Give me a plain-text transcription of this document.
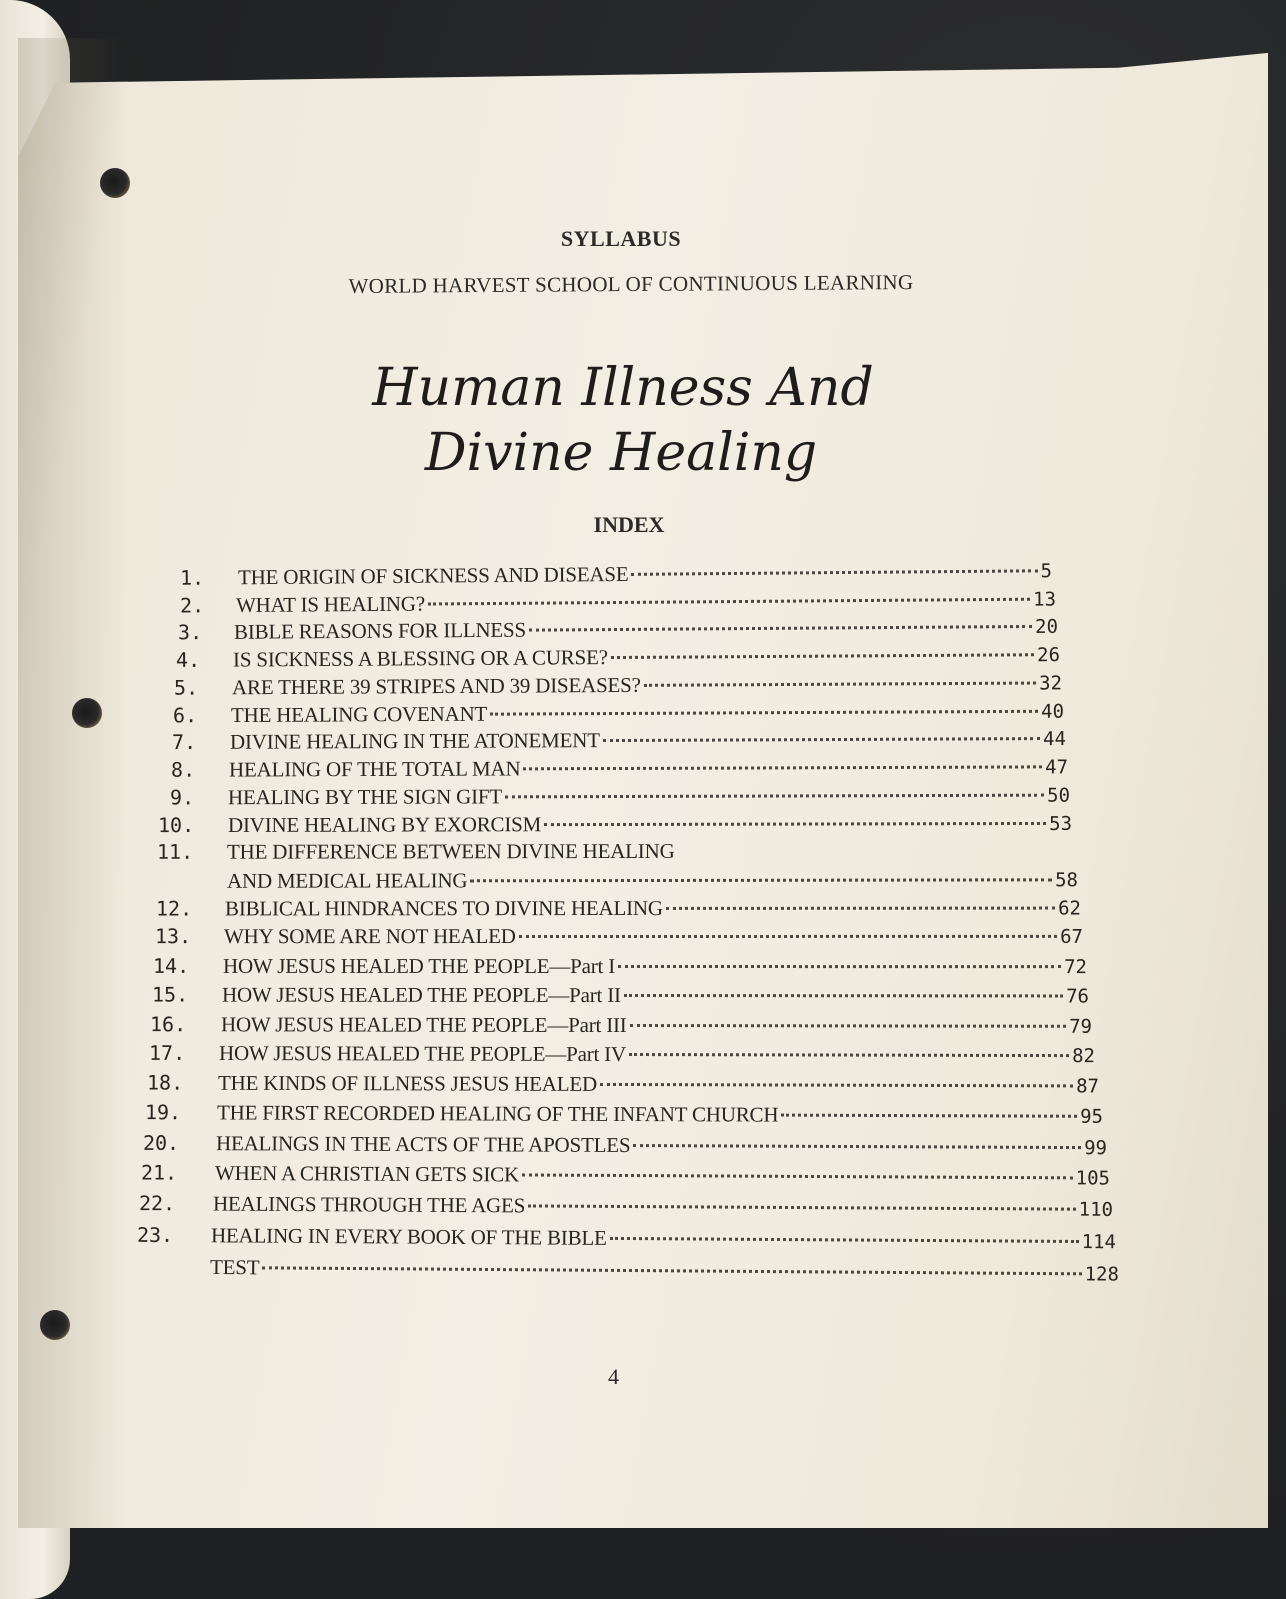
SYLLABUS
WORLD HARVEST SCHOOL OF CONTINUOUS LEARNING
Human Illness And
Divine Healing
INDEX
1.	THE ORIGIN OF SICKNESS AND DISEASE	5
2.	WHAT IS HEALING?	13
3.	BIBLE REASONS FOR ILLNESS	20
4.	IS SICKNESS A BLESSING OR A CURSE?	26
5.	ARE THERE 39 STRIPES AND 39 DISEASES?	32
6.	THE HEALING COVENANT	40
7.	DIVINE HEALING IN THE ATONEMENT	44
8.	HEALING OF THE TOTAL MAN	47
9.	HEALING BY THE SIGN GIFT	50
10.	DIVINE HEALING BY EXORCISM	53
11.	THE DIFFERENCE BETWEEN DIVINE HEALING
AND MEDICAL HEALING	58
12.	BIBLICAL HINDRANCES TO DIVINE HEALING	62
13.	WHY SOME ARE NOT HEALED	67
14.	HOW JESUS HEALED THE PEOPLE—Part I	72
15.	HOW JESUS HEALED THE PEOPLE—Part II	76
16.	HOW JESUS HEALED THE PEOPLE—Part III	79
17.	HOW JESUS HEALED THE PEOPLE—Part IV	82
18.	THE KINDS OF ILLNESS JESUS HEALED	87
19.	THE FIRST RECORDED HEALING OF THE INFANT CHURCH	95
20.	HEALINGS IN THE ACTS OF THE APOSTLES	99
21.	WHEN A CHRISTIAN GETS SICK	105
22.	HEALINGS THROUGH THE AGES	110
23.	HEALING IN EVERY BOOK OF THE BIBLE	114
TEST	128
4
